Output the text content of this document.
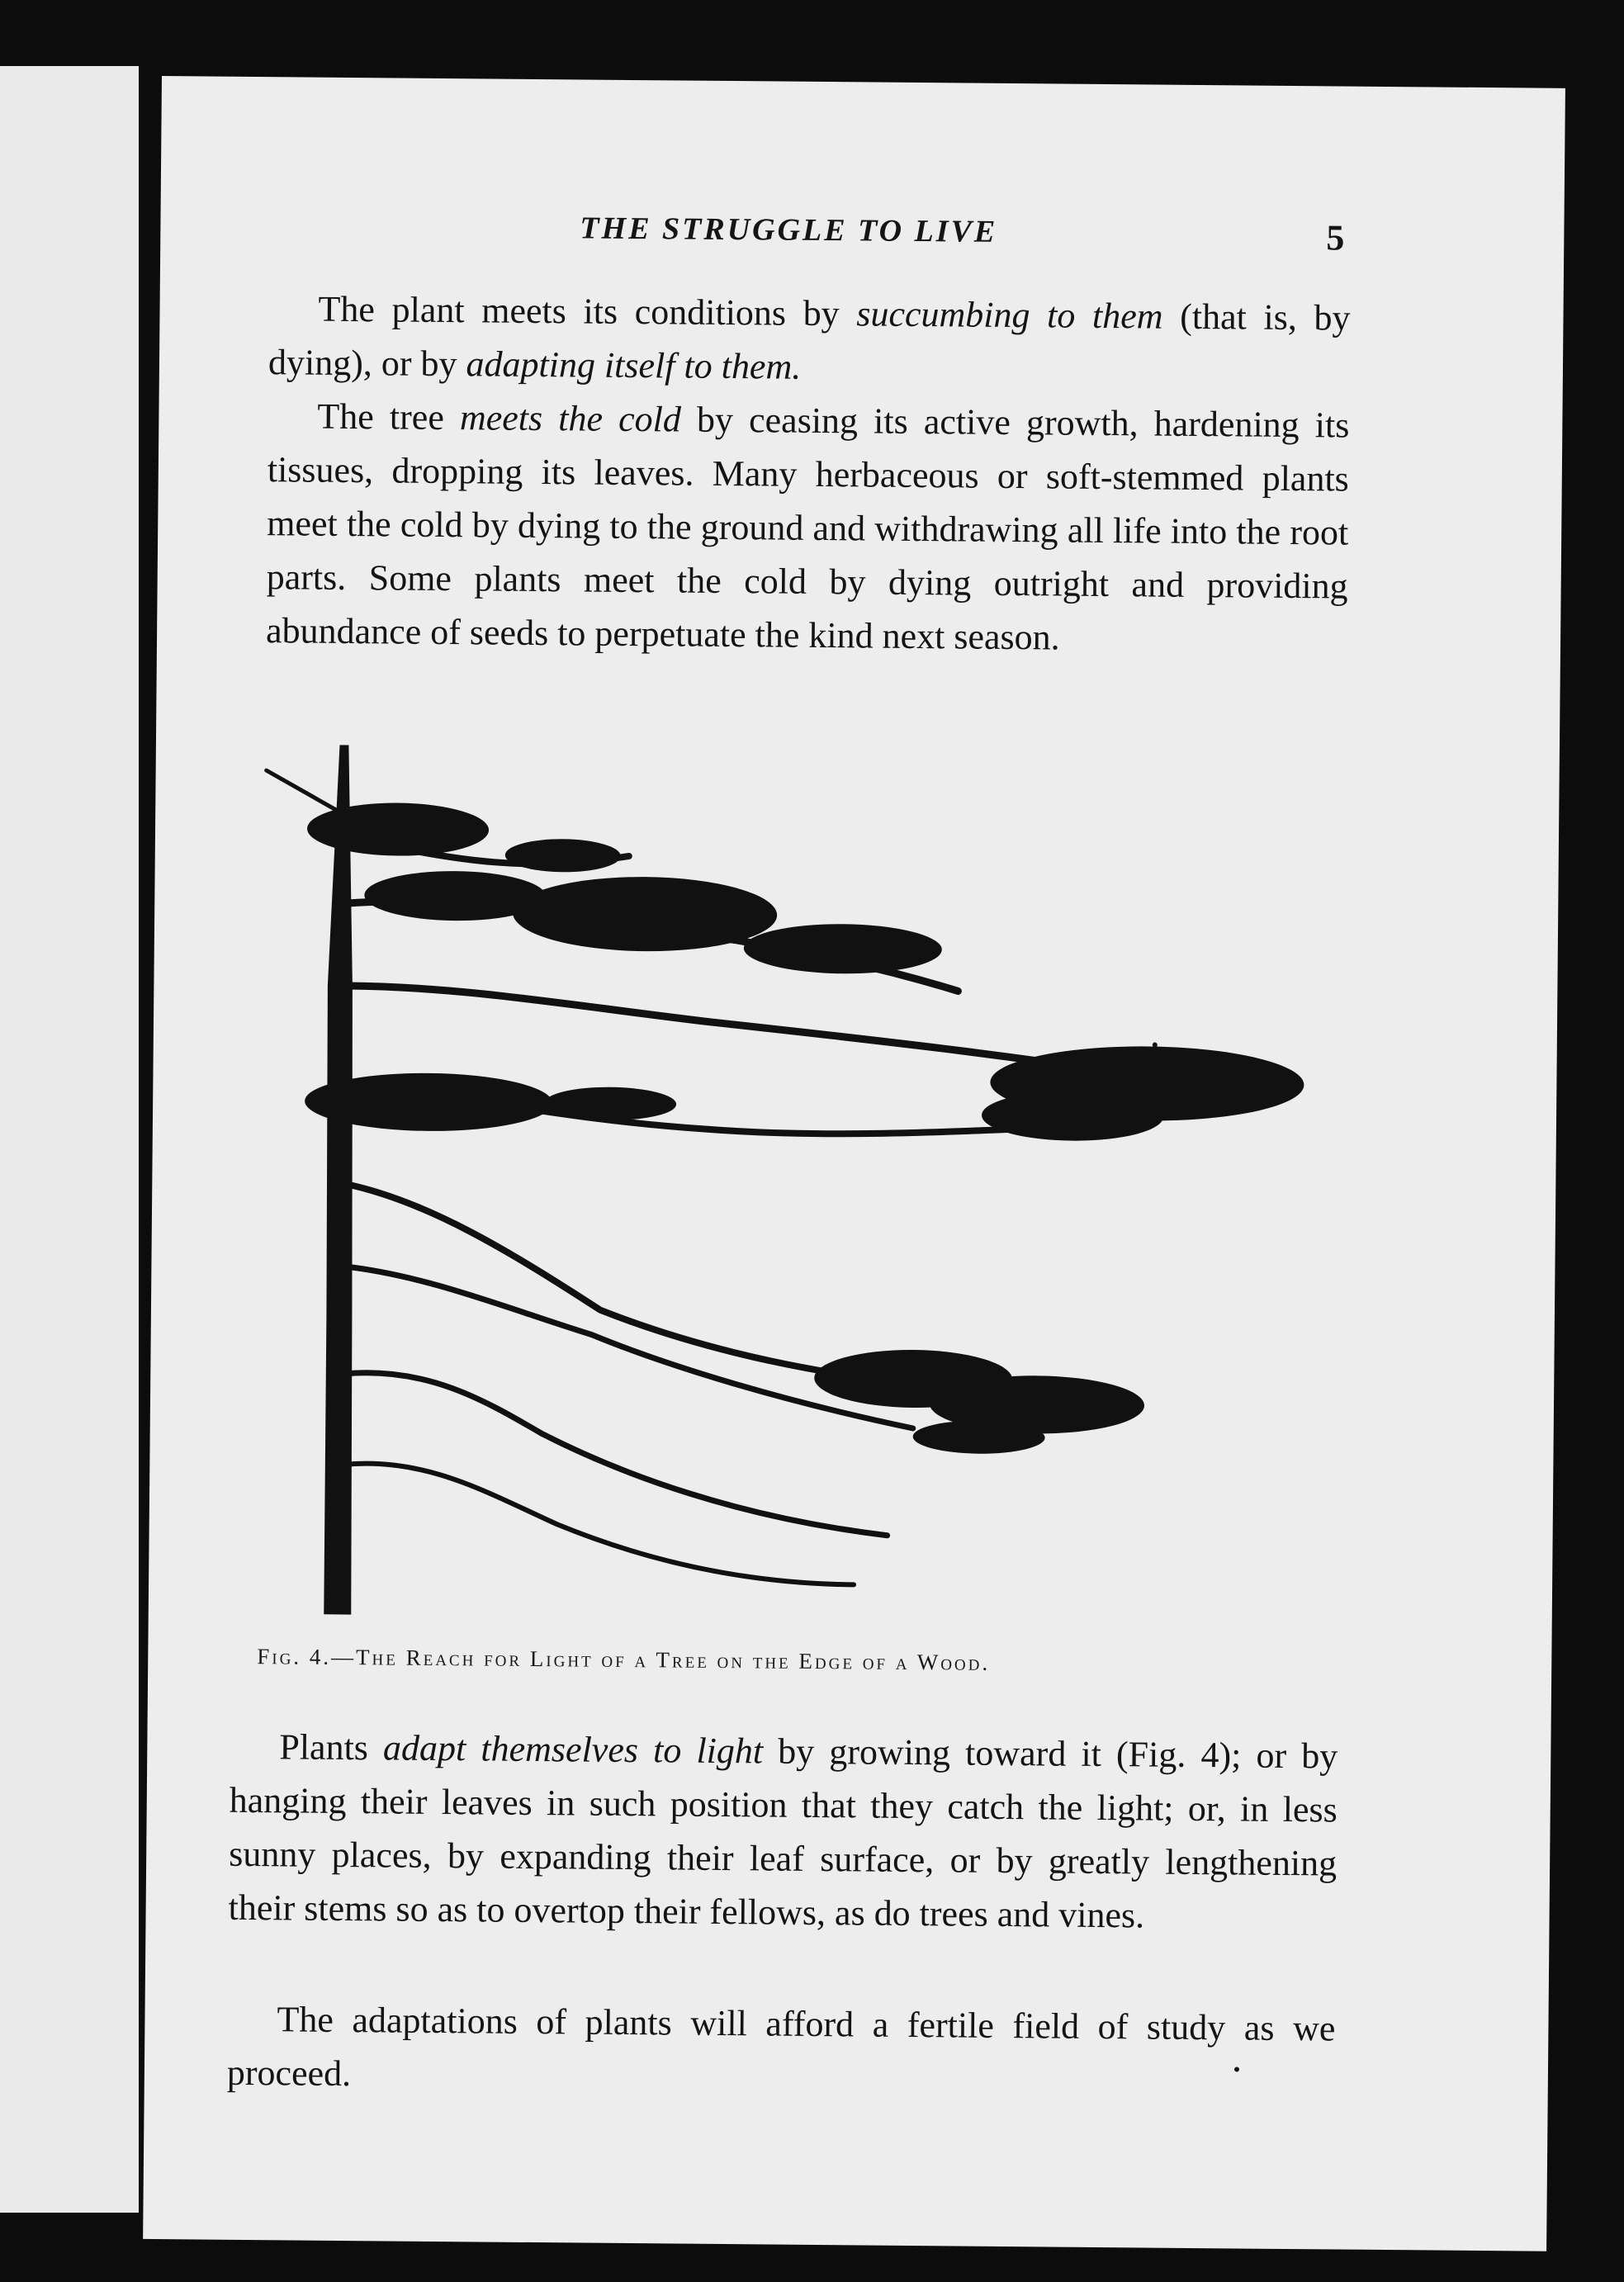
THE STRUGGLE TO LIVE	5

The plant meets its conditions by succumbing to them (that is, by dying), or by adapting itself to them.

The tree meets the cold by ceasing its active growth, hardening its tissues, dropping its leaves. Many herbaceous or soft-stemmed plants meet the cold by dying to the ground and withdrawing all life into the root parts. Some plants meet the cold by dying outright and providing abundance of seeds to perpetuate the kind next season.

Fig. 4.—The Reach for Light of a Tree on the Edge of a Wood.

Plants adapt themselves to light by growing toward it (Fig. 4); or by hanging their leaves in such position that they catch the light; or, in less sunny places, by expanding their leaf surface, or by greatly lengthening their stems so as to overtop their fellows, as do trees and vines.

The adaptations of plants will afford a fertile field of study as we proceed.
